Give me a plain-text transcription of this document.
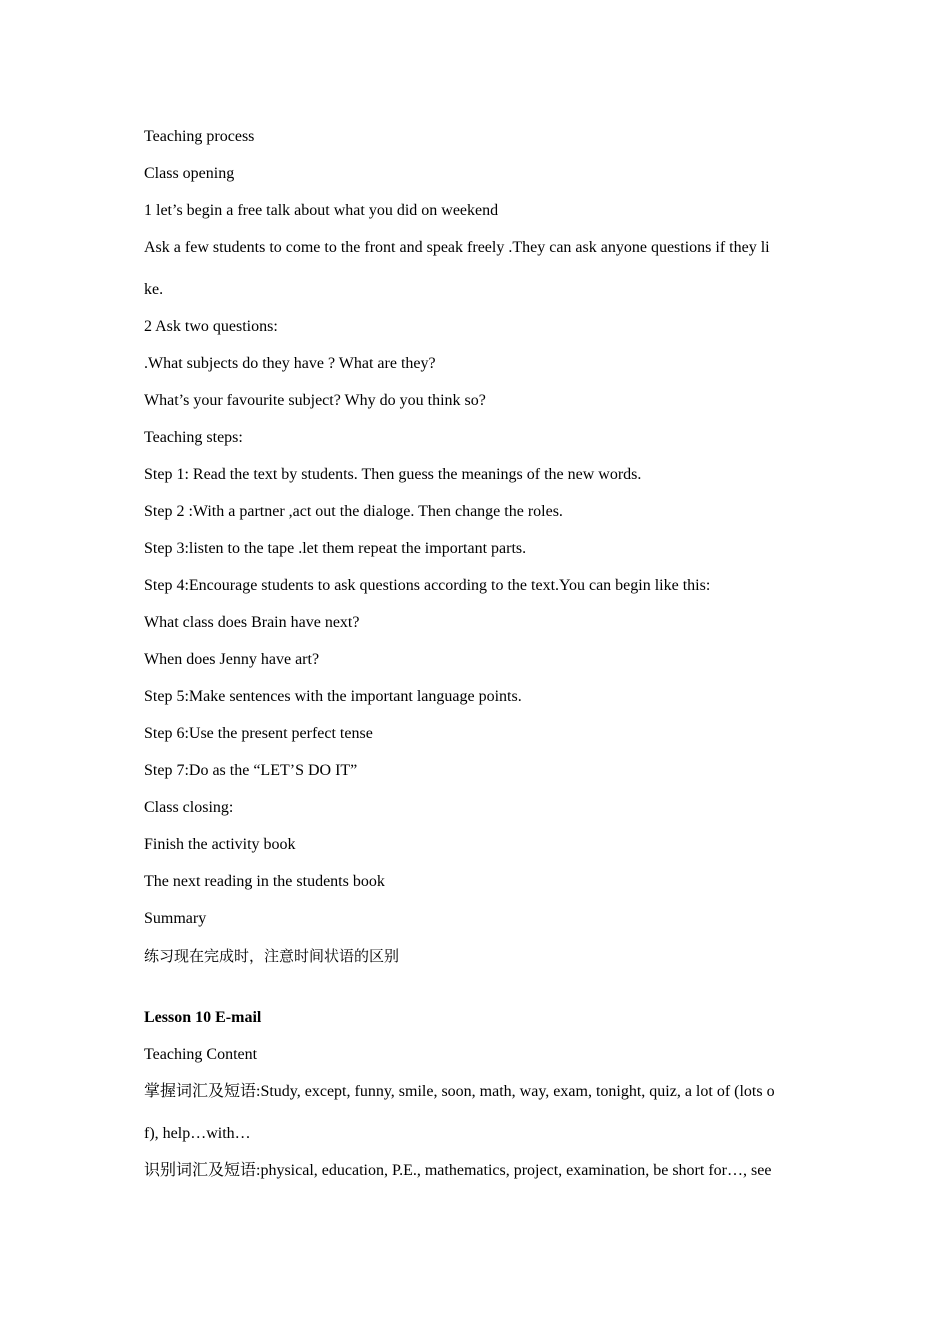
Teaching process
Class opening
1 let’s begin a free talk about what you did on weekend
Ask a few students to come to the front and speak freely .They can ask anyone questions if they li
ke.
2 Ask two questions:
.What subjects do they have ? What are they?
What’s your favourite subject? Why do you think so?
Teaching steps:
Step 1: Read the text by students. Then guess the meanings of the new words.
Step 2 :With a partner ,act out the dialoge. Then change the roles.
Step 3:listen to the tape .let them repeat the important parts.
Step 4:Encourage students to ask questions according to the text.You can begin like this:
What class does Brain have next?
When does Jenny have art?
Step 5:Make sentences with the important language points.
Step 6:Use the present perfect tense
Step 7:Do as the “LET’S DO IT”
Class closing:
Finish the activity book
The next reading in the students book
Summary
练习现在完成时，注意时间状语的区别
Lesson 10 E-mail
Teaching Content
掌握词汇及短语:Study, except, funny, smile, soon, math, way, exam, tonight, quiz, a lot of (lots o
f), help…with…
识别词汇及短语:physical, education, P.E., mathematics, project, examination, be short for…, see
